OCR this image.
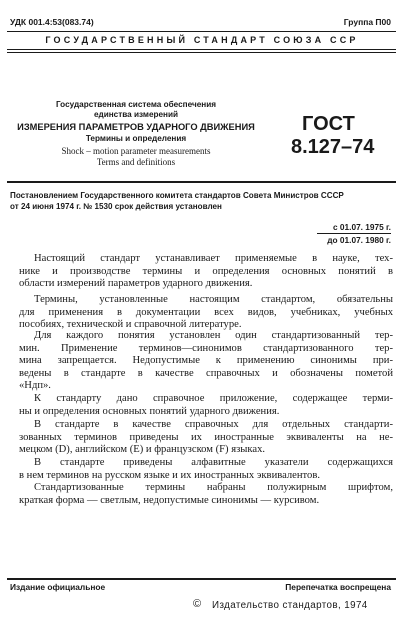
УДК 001.4:53(083.74)	Группа П00
ГОСУДАРСТВЕННЫЙ СТАНДАРТ СОЮЗА ССР
Государственная система обеспечения
единства измерений
ИЗМЕРЕНИЯ ПАРАМЕТРОВ УДАРНОГО ДВИЖЕНИЯ
Термины и определения
Shock – motion parameter measurements
Terms and definitions
ГОСТ
8.127–74
Постановлением Государственного комитета стандартов Совета Министров СССР
от 24 июня 1974 г. № 1530 срок действия установлен
с 01.07. 1975 г.
до 01.07. 1980 г.
Настоящий стандарт устанавливает применяемые в науке, тех-
нике и производстве термины и определения основных понятий в
области измерений параметров ударного движения.
Термины, установленные настоящим стандартом, обязательны
для применения в документации всех видов, учебниках, учебных
пособиях, технической и справочной литературе.
Для каждого понятия установлен один стандартизованный тер-
мин. Применение терминов—синонимов стандартизованного тер-
мина запрещается. Недопустимые к применению синонимы при-
ведены в стандарте в качестве справочных и обозначены пометой
«Ндп».
К стандарту дано справочное приложение, содержащее терми-
ны и определения основных понятий ударного движения.
В стандарте в качестве справочных для отдельных стандарти-
зованных терминов приведены их иностранные эквиваленты на не-
мецком (D), английском (E) и французском (F) языках.
В стандарте приведены алфавитные указатели содержащихся
в нем терминов на русском языке и их иностранных эквивалентов.
Стандартизованные термины набраны полужирным шрифтом,
краткая форма — светлым, недопустимые синонимы — курсивом.
Издание официальное	Перепечатка воспрещена
© Издательство стандартов, 1974
